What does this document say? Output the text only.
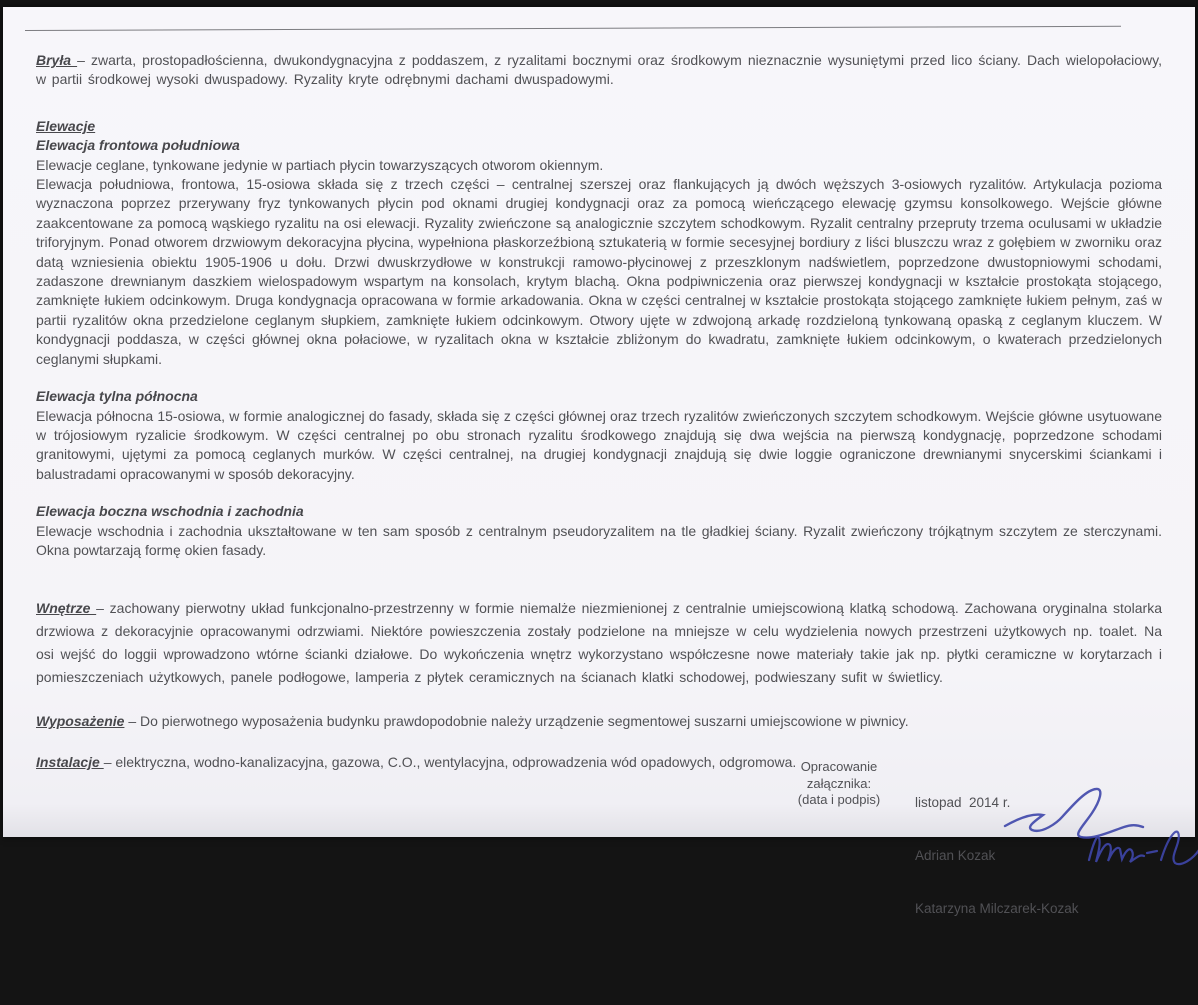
Bryła – zwarta, prostopadłościenna, dwukondygnacyjna z poddaszem, z ryzalitami bocznymi oraz środkowym nieznacznie wysuniętymi przed lico ściany. Dach wielopołaciowy, w partii środkowej wysoki dwuspadowy. Ryzality kryte odrębnymi dachami dwuspadowymi.

Elewacje
Elewacja frontowa południowa

Elewacje ceglane, tynkowane jedynie w partiach płycin towarzyszących otworom okiennym.

Elewacja południowa, frontowa, 15-osiowa składa się z trzech części – centralnej szerszej oraz flankujących ją dwóch węższych 3-osiowych ryzalitów. Artykulacja pozioma wyznaczona poprzez przerywany fryz tynkowanych płycin pod oknami drugiej kondygnacji oraz za pomocą wieńczącego elewację gzymsu konsolkowego. Wejście główne zaakcentowane za pomocą wąskiego ryzalitu na osi elewacji. Ryzality zwieńczone są analogicznie szczytem schodkowym. Ryzalit centralny przepruty trzema oculusami w układzie triforyjnym. Ponad otworem drzwiowym dekoracyjna płycina, wypełniona płaskorzeźbioną sztukaterią w formie secesyjnej bordiury z liści bluszczu wraz z gołębiem w zworniku oraz datą wzniesienia obiektu 1905-1906 u dołu. Drzwi dwuskrzydłowe w konstrukcji ramowo-płycinowej z przeszklonym nadświetlem, poprzedzone dwustopniowymi schodami, zadaszone drewnianym daszkiem wielospadowym wspartym na konsolach, krytym blachą. Okna podpiwniczenia oraz pierwszej kondygnacji w kształcie prostokąta stojącego, zamknięte łukiem odcinkowym. Druga kondygnacja opracowana w formie arkadowania. Okna w części centralnej w kształcie prostokąta stojącego zamknięte łukiem pełnym, zaś w partii ryzalitów okna przedzielone ceglanym słupkiem, zamknięte łukiem odcinkowym. Otwory ujęte w zdwojoną arkadę rozdzieloną tynkowaną opaską z ceglanym kluczem. W kondygnacji poddasza, w części głównej okna połaciowe, w ryzalitach okna w kształcie zbliżonym do kwadratu, zamknięte łukiem odcinkowym, o kwaterach przedzielonych ceglanymi słupkami.

Elewacja tylna północna

Elewacja północna 15-osiowa, w formie analogicznej do fasady, składa się z części głównej oraz trzech ryzalitów zwieńczonych szczytem schodkowym. Wejście główne usytuowane w trójosiowym ryzalicie środkowym. W części centralnej po obu stronach ryzalitu środkowego znajdują się dwa wejścia na pierwszą kondygnację, poprzedzone schodami granitowymi, ujętymi za pomocą ceglanych murków. W części centralnej, na drugiej kondygnacji znajdują się dwie loggie ograniczone drewnianymi snycerskimi ściankami i balustradami opracowanymi w sposób dekoracyjny.

Elewacja boczna wschodnia i zachodnia

Elewacje wschodnia i zachodnia ukształtowane w ten sam sposób z centralnym pseudoryzalitem na tle gładkiej ściany. Ryzalit zwieńczony trójkątnym szczytem ze sterczynami. Okna powtarzają formę okien fasady.

Wnętrze – zachowany pierwotny układ funkcjonalno-przestrzenny w formie niemalże niezmienionej z centralnie umiejscowioną klatką schodową. Zachowana oryginalna stolarka drzwiowa z dekoracyjnie opracowanymi odrzwiami. Niektóre powieszczenia zostały podzielone na mniejsze w celu wydzielenia nowych przestrzeni użytkowych np. toalet. Na osi wejść do loggii wprowadzono wtórne ścianki działowe. Do wykończenia wnętrz wykorzystano współczesne nowe materiały takie jak np. płytki ceramiczne w korytarzach i pomieszczeniach użytkowych, panele podłogowe, lamperia z płytek ceramicznych na ścianach klatki schodowej, podwieszany sufit w świetlicy.

Wyposażenie – Do pierwotnego wyposażenia budynku prawdopodobnie należy urządzenie segmentowej suszarni umiejscowione w piwnicy.

Instalacje – elektryczna, wodno-kanalizacyjna, gazowa, C.O., wentylacyjna, odprowadzenia wód opadowych, odgromowa. Opracowanie
załącznika:
(data i podpis)

	listopad  2014 r.

Adrian Kozak

Katarzyna Milczarek-Kozak
